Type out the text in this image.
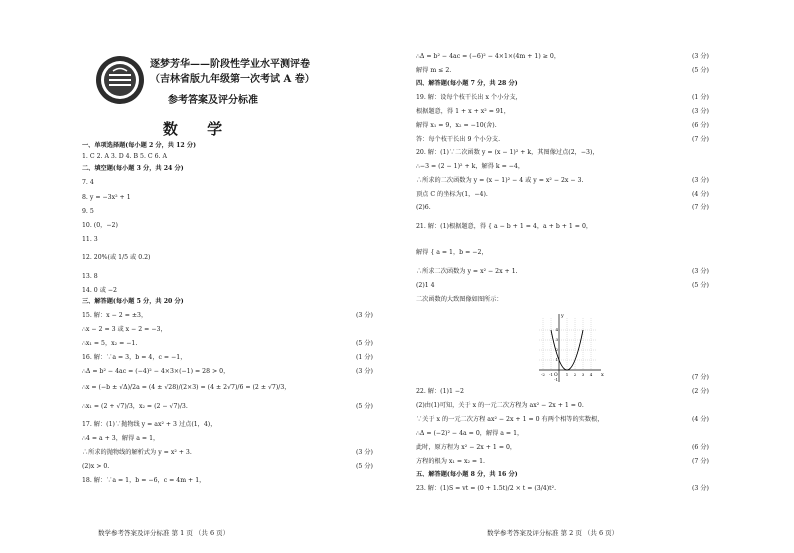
逐梦芳华——阶段性学业水平测评卷
（吉林省版九年级第一次考试 A 卷）
参考答案及评分标准
数 学
一、单项选择题(每小题 2 分，共 12 分)
1. C 2. A 3. D 4. B 5. C 6. A
二、填空题(每小题 3 分，共 24 分)
7. 4
8. y = −3x² + 1
9. 5
10. (0，−2)
11. 3
12. 20%(或 1/5 或 0.2)
13. 8
14. 0 或 −2
三、解答题(每小题 5 分，共 20 分)
15. 解：x − 2 = ±3，
∴x − 2 = 3 或 x − 2 = −3，
∴x₁ = 5，x₂ = −1.
16. 解：∵a = 3，b = 4，c = −1，
∴Δ = b² − 4ac = (−4)² − 4×3×(−1) = 28 > 0，
∴x = (−b ± √Δ)/2a = (4 ± √28)/(2×3) = (4 ± 2√7)/6 = (2 ± √7)/3，
∴x₁ = (2 + √7)/3，x₂ = (2 − √7)/3.
17. 解：(1)∵抛物线 y = ax² + 3 过点(1，4)，
∴4 = a + 3，解得 a = 1，
∴所求的抛物线的解析式为 y = x² + 3.
(2)x > 0.
18. 解：∵a = 1，b = −6，c = 4m + 1，
(3 分)
(5 分)
(1 分)
(3 分)
(5 分)
(3 分)
(5 分)
数学参考答案及评分标准 第 1 页 （共 6 页）
∴Δ = b² − 4ac = (−6)² − 4×1×(4m + 1) ≥ 0，
解得 m ≤ 2.
四、解答题(每小题 7 分，共 28 分)
19. 解：设每个枝干长出 x 个小分支，
根据题意，得 1 + x + x² = 91，
解得 x₁ = 9，x₂ = −10(舍).
答：每个枝干长出 9 个小分支.
20. 解：(1)∵二次函数 y = (x − 1)² + k，其图像过点(2，−3)，
∴−3 = (2 − 1)² + k，解得 k = −4，
∴所求的二次函数为 y = (x − 1)² − 4 或 y = x² − 2x − 3.
顶点 C 的坐标为(1，−4).
(2)6.
21. 解：(1)根据题意，得 { a − b + 1 = 4，a + b + 1 = 0，
解得 { a = 1，b = −2，
∴所求二次函数为 y = x² − 2x + 1.
(2)1 4
二次函数的大致图像如图所示：
22. 解：(1)1 −2
(2)由(1)可知，关于 x 的一元二次方程为 ax² − 2x + 1 = 0.
∵关于 x 的一元二次方程 ax² − 2x + 1 = 0 有两个相等的实数根，
∴Δ = (−2)² − 4a = 0，解得 a = 1，
此时，原方程为 x² − 2x + 1 = 0，
方程的根为 x₁ = x₂ = 1.
五、解答题(每小题 8 分，共 16 分)
23. 解：(1)S = vt = (0 + 1.5t)/2 × t = (3/4)t².
(3 分)
(5 分)
(1 分)
(3 分)
(6 分)
(7 分)
(3 分)
(4 分)
(7 分)
(3 分)
(5 分)
(7 分)
(2 分)
(4 分)
(6 分)
(7 分)
(3 分)
x
y
O
-2 -1	1 2 3 4
1
2
3
4
-1
数学参考答案及评分标准 第 2 页 （共 6 页）
